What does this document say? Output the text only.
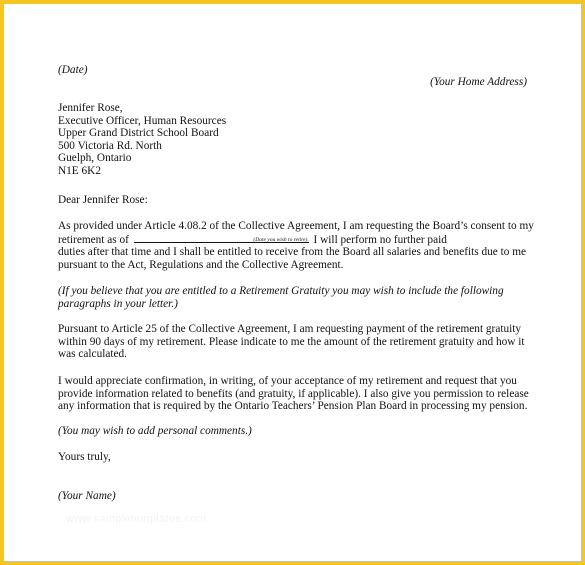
(Date)
(Your Home Address)
Jennifer Rose,
Executive Officer, Human Resources
Upper Grand District School Board
500 Victoria Rd. North
Guelph, Ontario
N1E 6K2
Dear Jennifer Rose:
As provided under Article 4.08.2 of the Collective Agreement, I am requesting the Board’s consent to my
retirement as of	(Date you wish to retire). I will perform no further paid
duties after that time and I shall be entitled to receive from the Board all salaries and benefits due to me
pursuant to the Act, Regulations and the Collective Agreement.
(If you believe that you are entitled to a Retirement Gratuity you may wish to include the following
paragraphs in your letter.)
Pursuant to Article 25 of the Collective Agreement, I am requesting payment of the retirement gratuity
within 90 days of my retirement. Please indicate to me the amount of the retirement gratuity and how it
was calculated.
I would appreciate confirmation, in writing, of your acceptance of my retirement and request that you
provide information related to benefits (and gratuity, if applicable). I also give you permission to release
any information that is required by the Ontario Teachers’ Pension Plan Board in processing my pension.
(You may wish to add personal comments.)
Yours truly,
(Your Name)
www.sampletemplates.com
